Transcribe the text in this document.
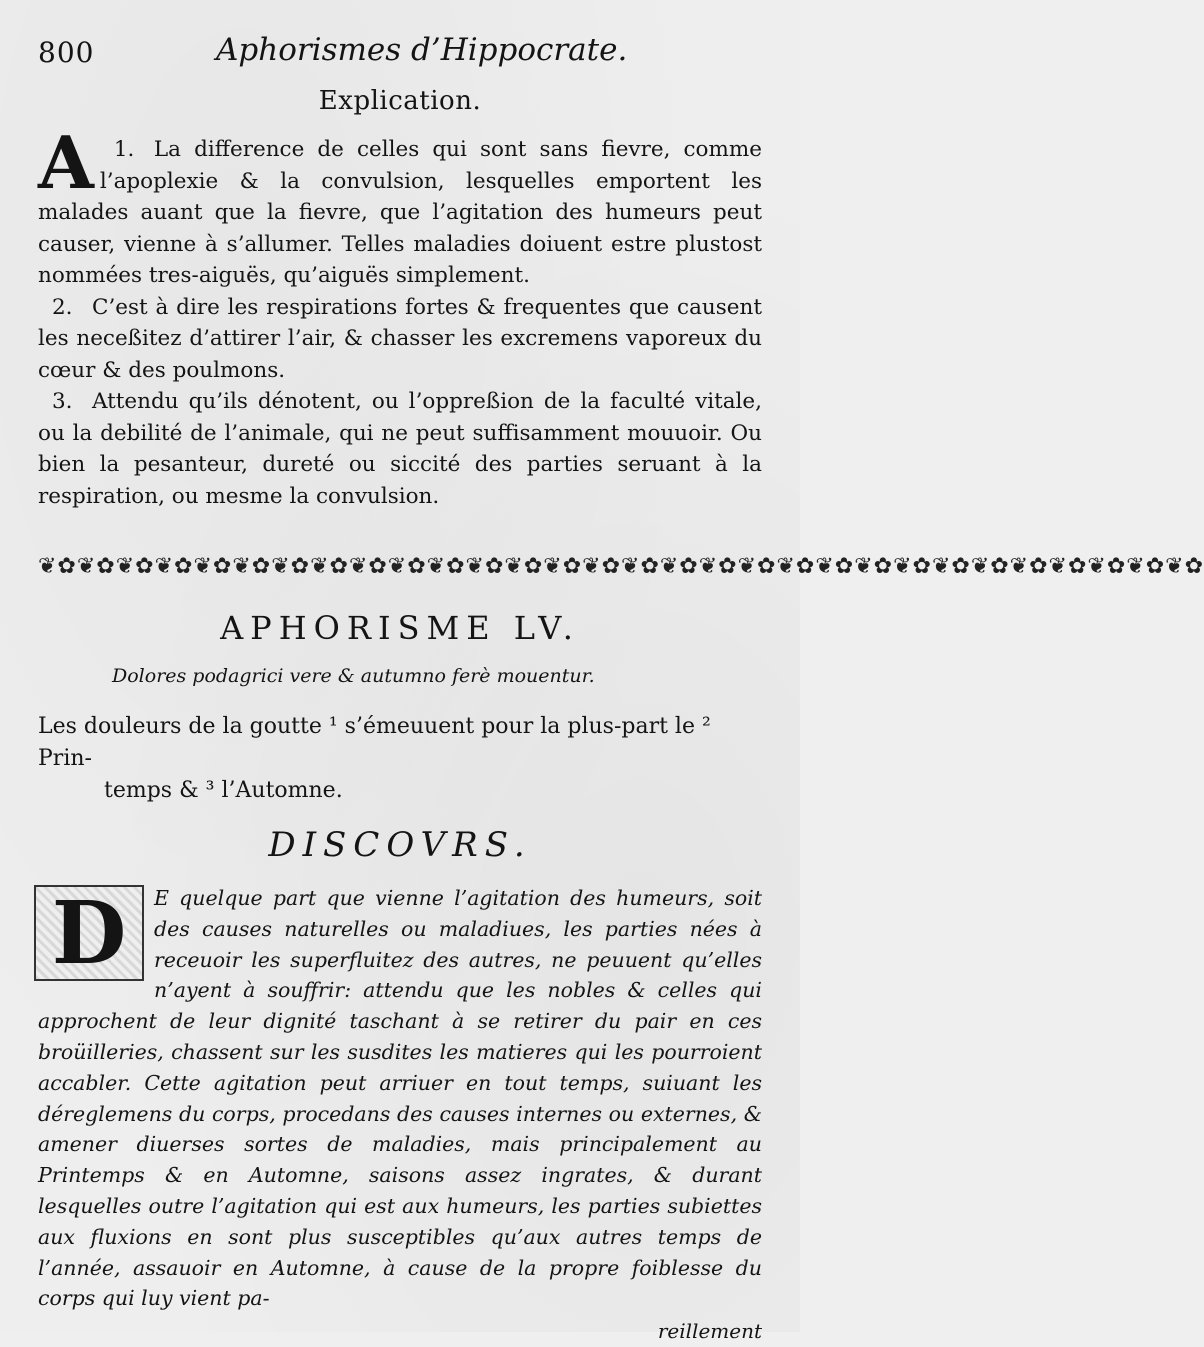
800	Aphorismes d’Hippocrate.
Explication.

1.
A	La difference de celles qui sont sans fievre, comme l’apoplexie & la convulsion, lesquelles emportent les malades auant que la fievre, que l’agitation des humeurs peut causer, vienne à s’allumer. Telles maladies doiuent estre plustost nommées tres-aiguës, qu’aiguës simplement.

2. C’est à dire les respirations fortes & frequentes que causent les neceßitez d’attirer l’air, & chasser les excremens vaporeux du cœur & des poulmons.

3. Attendu qu’ils dénotent, ou l’oppreßion de la faculté vitale, ou la debilité de l’animale, qui ne peut suffisamment mouuoir. Ou bien la pesanteur, dureté ou siccité des parties seruant à la respiration, ou mesme la convulsion.

❦✿❦✿❦✿❦✿❦✿❦✿❦✿❦✿❦✿❦✿❦✿❦✿❦✿❦✿❦✿❦✿❦✿❦✿❦✿❦✿❦✿❦✿❦✿❦✿❦✿❦✿❦✿❦✿❦✿❦✿
APHORISME LV.
Dolores podagrici vere & autumno ferè mouentur.
Les douleurs de la goutte ¹ s’émeuuent pour la plus-part le ² Prin-
temps & ³ l’Automne.
DISCOVRS.
D	E quelque part que vienne l’agitation des humeurs, soit des causes naturelles ou maladiues, les parties nées à receuoir les superfluitez des autres, ne peuuent qu’elles n’ayent à souffrir: attendu que les nobles & celles qui approchent de leur dignité taschant à se retirer du pair en ces broüilleries, chassent sur les susdites les matieres qui les pourroient accabler. Cette agitation peut arriuer en tout temps, suiuant les déreglemens du corps, procedans des causes internes ou externes, & amener diuerses sortes de maladies, mais principalement au Printemps & en Automne, saisons assez ingrates, & durant lesquelles outre l’agitation qui est aux humeurs, les parties subiettes aux fluxions en sont plus susceptibles qu’aux autres temps de l’année, assauoir en Automne, à cause de la propre foiblesse du corps qui luy vient pa-
reillement
